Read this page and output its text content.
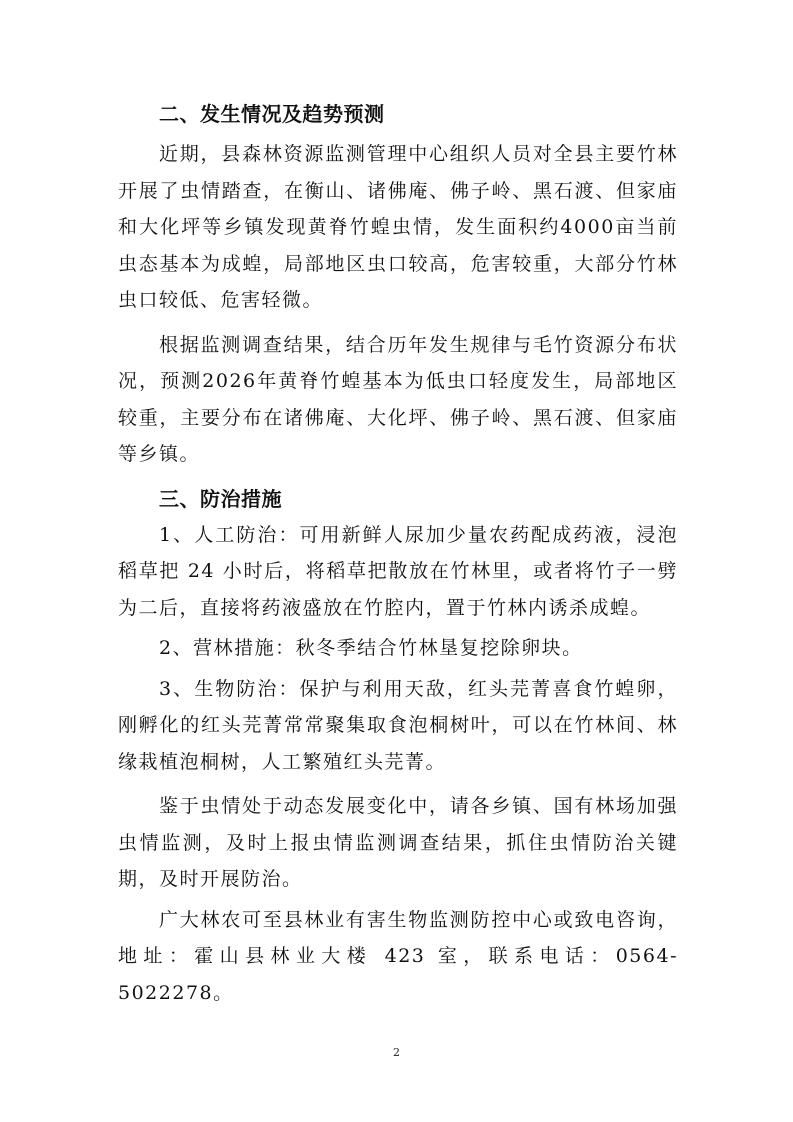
二、发生情况及趋势预测

近期，县森林资源监测管理中心组织人员对全县主要竹林开展了虫情踏查，在衡山、诸佛庵、佛子岭、黑石渡、但家庙和大化坪等乡镇发现黄脊竹蝗虫情，发生面积约4000亩当前虫态基本为成蝗，局部地区虫口较高，危害较重，大部分竹林虫口较低、危害轻微。

根据监测调查结果，结合历年发生规律与毛竹资源分布状况，预测2026年黄脊竹蝗基本为低虫口轻度发生，局部地区较重，主要分布在诸佛庵、大化坪、佛子岭、黑石渡、但家庙等乡镇。

三、防治措施

1、人工防治：可用新鲜人尿加少量农药配成药液，浸泡稻草把 24 小时后，将稻草把散放在竹林里，或者将竹子一劈为二后，直接将药液盛放在竹腔内，置于竹林内诱杀成蝗。

2、营林措施：秋冬季结合竹林垦复挖除卵块。

3、生物防治：保护与利用天敌，红头芫菁喜食竹蝗卵，刚孵化的红头芫菁常常聚集取食泡桐树叶，可以在竹林间、林缘栽植泡桐树，人工繁殖红头芫菁。

鉴于虫情处于动态发展变化中，请各乡镇、国有林场加强虫情监测，及时上报虫情监测调查结果，抓住虫情防治关键期，及时开展防治。

广大林农可至县林业有害生物监测防控中心或致电咨询，地址：霍山县林业大楼 423 室，联系电话：0564-5022278。

2
